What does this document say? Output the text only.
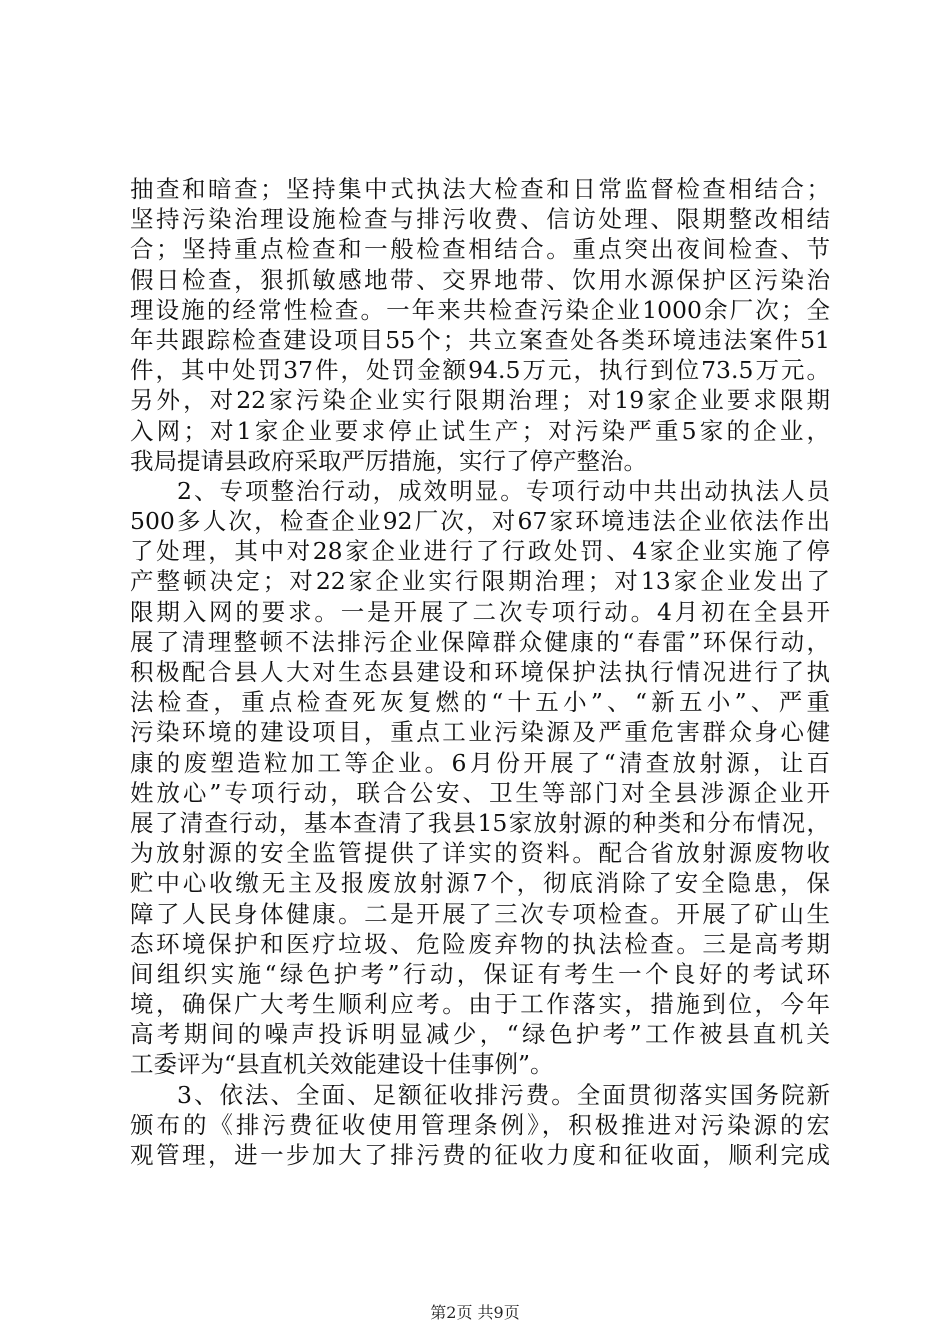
抽查和暗查；坚持集中式执法大检查和日常监督检查相结合；
坚持污染治理设施检查与排污收费、信访处理、限期整改相结
合；坚持重点检查和一般检查相结合。重点突出夜间检查、节
假日检查，狠抓敏感地带、交界地带、饮用水源保护区污染治
理设施的经常性检查。一年来共检查污染企业1000余厂次；全
年共跟踪检查建设项目55个；共立案查处各类环境违法案件51
件，其中处罚37件，处罚金额94.5万元，执行到位73.5万元。
另外，对22家污染企业实行限期治理；对19家企业要求限期
入网；对1家企业要求停止试生产；对污染严重5家的企业，
我局提请县政府采取严厉措施，实行了停产整治。
2、专项整治行动，成效明显。专项行动中共出动执法人员
500多人次，检查企业92厂次，对67家环境违法企业依法作出
了处理，其中对28家企业进行了行政处罚、4家企业实施了停
产整顿决定；对22家企业实行限期治理；对13家企业发出了
限期入网的要求。一是开展了二次专项行动。4月初在全县开
展了清理整顿不法排污企业保障群众健康的“春雷”环保行动，
积极配合县人大对生态县建设和环境保护法执行情况进行了执
法检查，重点检查死灰复燃的“十五小”、“新五小”、严重
污染环境的建设项目，重点工业污染源及严重危害群众身心健
康的废塑造粒加工等企业。6月份开展了“清查放射源，让百
姓放心”专项行动，联合公安、卫生等部门对全县涉源企业开
展了清查行动，基本查清了我县15家放射源的种类和分布情况，
为放射源的安全监管提供了详实的资料。配合省放射源废物收
贮中心收缴无主及报废放射源7个，彻底消除了安全隐患，保
障了人民身体健康。二是开展了三次专项检查。开展了矿山生
态环境保护和医疗垃圾、危险废弃物的执法检查。三是高考期
间组织实施“绿色护考”行动，保证有考生一个良好的考试环
境，确保广大考生顺利应考。由于工作落实，措施到位，今年
高考期间的噪声投诉明显减少，“绿色护考”工作被县直机关
工委评为“县直机关效能建设十佳事例”。
3、依法、全面、足额征收排污费。全面贯彻落实国务院新
颁布的《排污费征收使用管理条例》，积极推进对污染源的宏
观管理，进一步加大了排污费的征收力度和征收面，顺利完成
第2页 共9页
